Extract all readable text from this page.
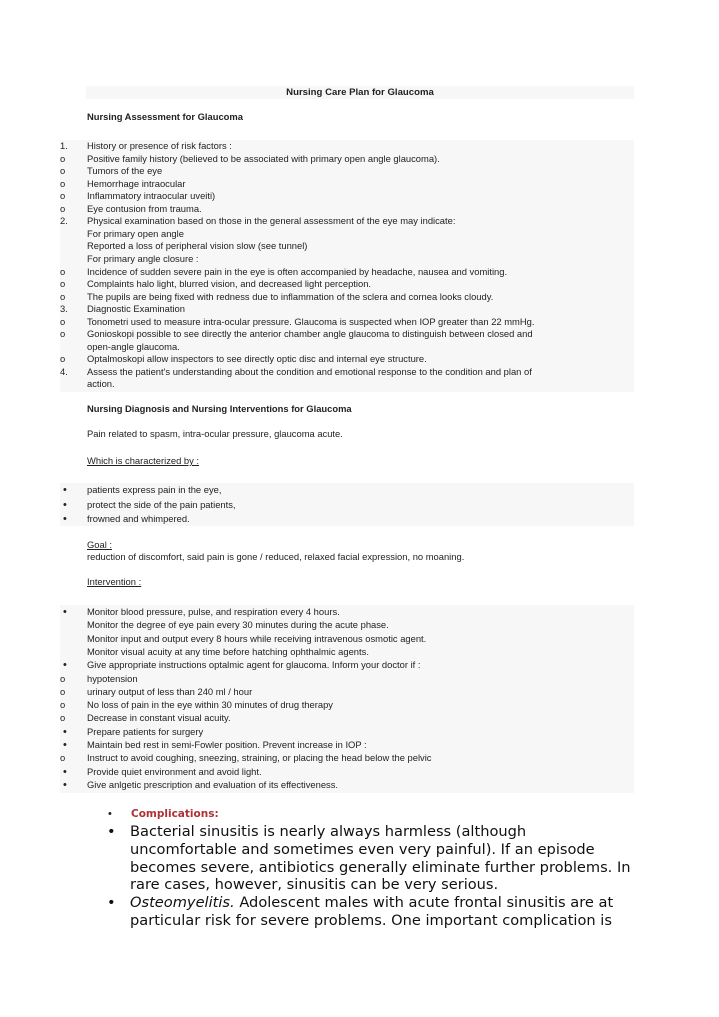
Nursing Care Plan for Glaucoma
Nursing Assessment for Glaucoma
1.	History or presence of risk factors :
o	Positive family history (believed to be associated with primary open angle glaucoma).
o	Tumors of the eye
o	Hemorrhage intraocular
o	Inflammatory intraocular uveiti)
o	Eye contusion from trauma.
2.	Physical examination based on those in the general assessment of the eye may indicate:
For primary open angle
Reported a loss of peripheral vision slow (see tunnel)
For primary angle closure :
o	Incidence of sudden severe pain in the eye is often accompanied by headache, nausea and vomiting.
o	Complaints halo light, blurred vision, and decreased light perception.
o	The pupils are being fixed with redness due to inflammation of the sclera and cornea looks cloudy.
3.	Diagnostic Examination
o	Tonometri used to measure intra-ocular pressure. Glaucoma is suspected when IOP greater than 22 mmHg.
o	Gonioskopi possible to see directly the anterior chamber angle glaucoma to distinguish between closed and
open-angle glaucoma.
o	Optalmoskopi allow inspectors to see directly optic disc and internal eye structure.
4.	Assess the patient's understanding about the condition and emotional response to the condition and plan of
action.
Nursing Diagnosis and Nursing Interventions for Glaucoma
Pain related to spasm, intra-ocular pressure, glaucoma acute.
Which is characterized by :
•	patients express pain in the eye,
•	protect the side of the pain patients,
•	frowned and whimpered.
Goal :
reduction of discomfort, said pain is gone / reduced, relaxed facial expression, no moaning.
Intervention :
•	Monitor blood pressure, pulse, and respiration every 4 hours.
Monitor the degree of eye pain every 30 minutes during the acute phase.
Monitor input and output every 8 hours while receiving intravenous osmotic agent.
Monitor visual acuity at any time before hatching ophthalmic agents.
•	Give appropriate instructions optalmic agent for glaucoma. Inform your doctor if :
o	hypotension
o	urinary output of less than 240 ml / hour
o	No loss of pain in the eye within 30 minutes of drug therapy
o	Decrease in constant visual acuity.
•	Prepare patients for surgery
•	Maintain bed rest in semi-Fowler position. Prevent increase in IOP :
o	Instruct to avoid coughing, sneezing, straining, or placing the head below the pelvic
•	Provide quiet environment and avoid light.
•	Give anlgetic prescription and evaluation of its effectiveness.
• Complications:
• Bacterial sinusitis is nearly always harmless (although
uncomfortable and sometimes even very painful). If an episode
becomes severe, antibiotics generally eliminate further problems. In
rare cases, however, sinusitis can be very serious.
• Osteomyelitis. Adolescent males with acute frontal sinusitis are at
particular risk for severe problems. One important complication is
